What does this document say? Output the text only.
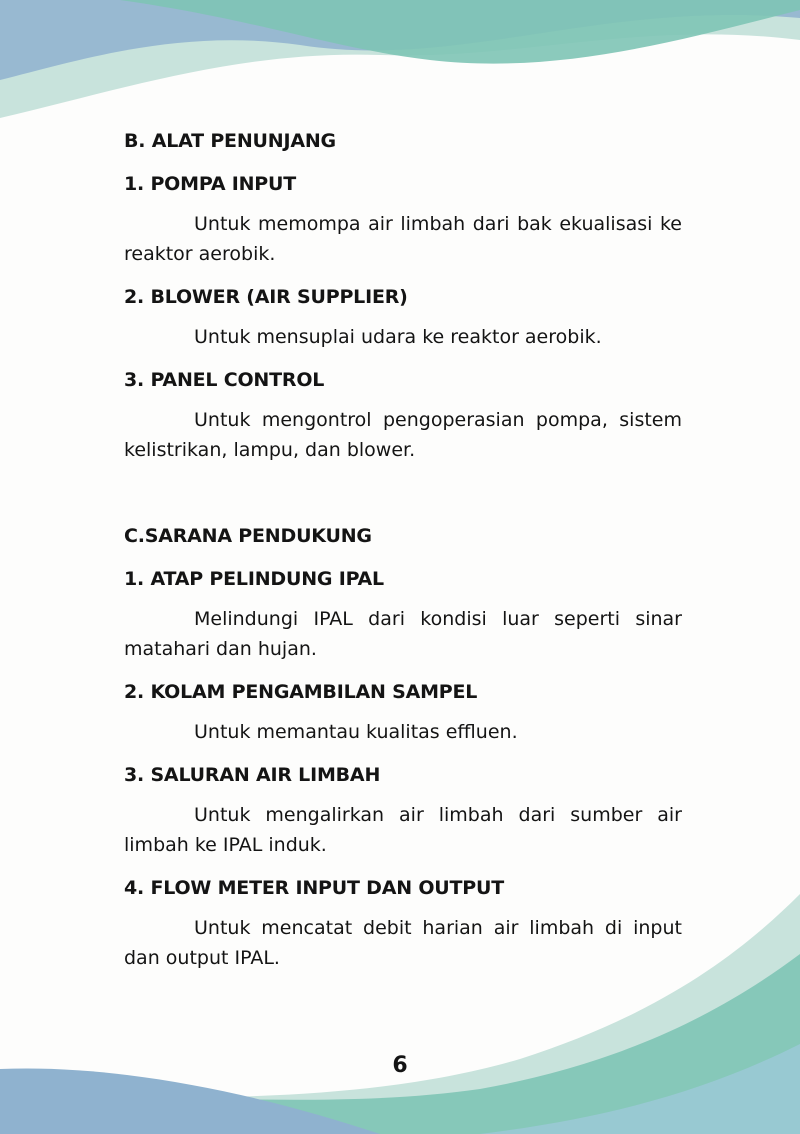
B. ALAT PENUNJANG
1. POMPA INPUT

Untuk memompa air limbah dari bak ekualisasi ke reaktor aerobik.

2. BLOWER (AIR SUPPLIER)

Untuk mensuplai udara ke reaktor aerobik.

3. PANEL CONTROL

Untuk mengontrol pengoperasian pompa, sistem kelistrikan, lampu, dan blower.

C.SARANA PENDUKUNG
1. ATAP PELINDUNG IPAL

Melindungi IPAL dari kondisi luar seperti sinar matahari dan hujan.

2. KOLAM PENGAMBILAN SAMPEL

Untuk memantau kualitas effluen.

3. SALURAN AIR LIMBAH

Untuk mengalirkan air limbah dari sumber air limbah ke IPAL induk.

4. FLOW METER INPUT DAN OUTPUT

Untuk mencatat debit harian air limbah di input dan output IPAL.

6
